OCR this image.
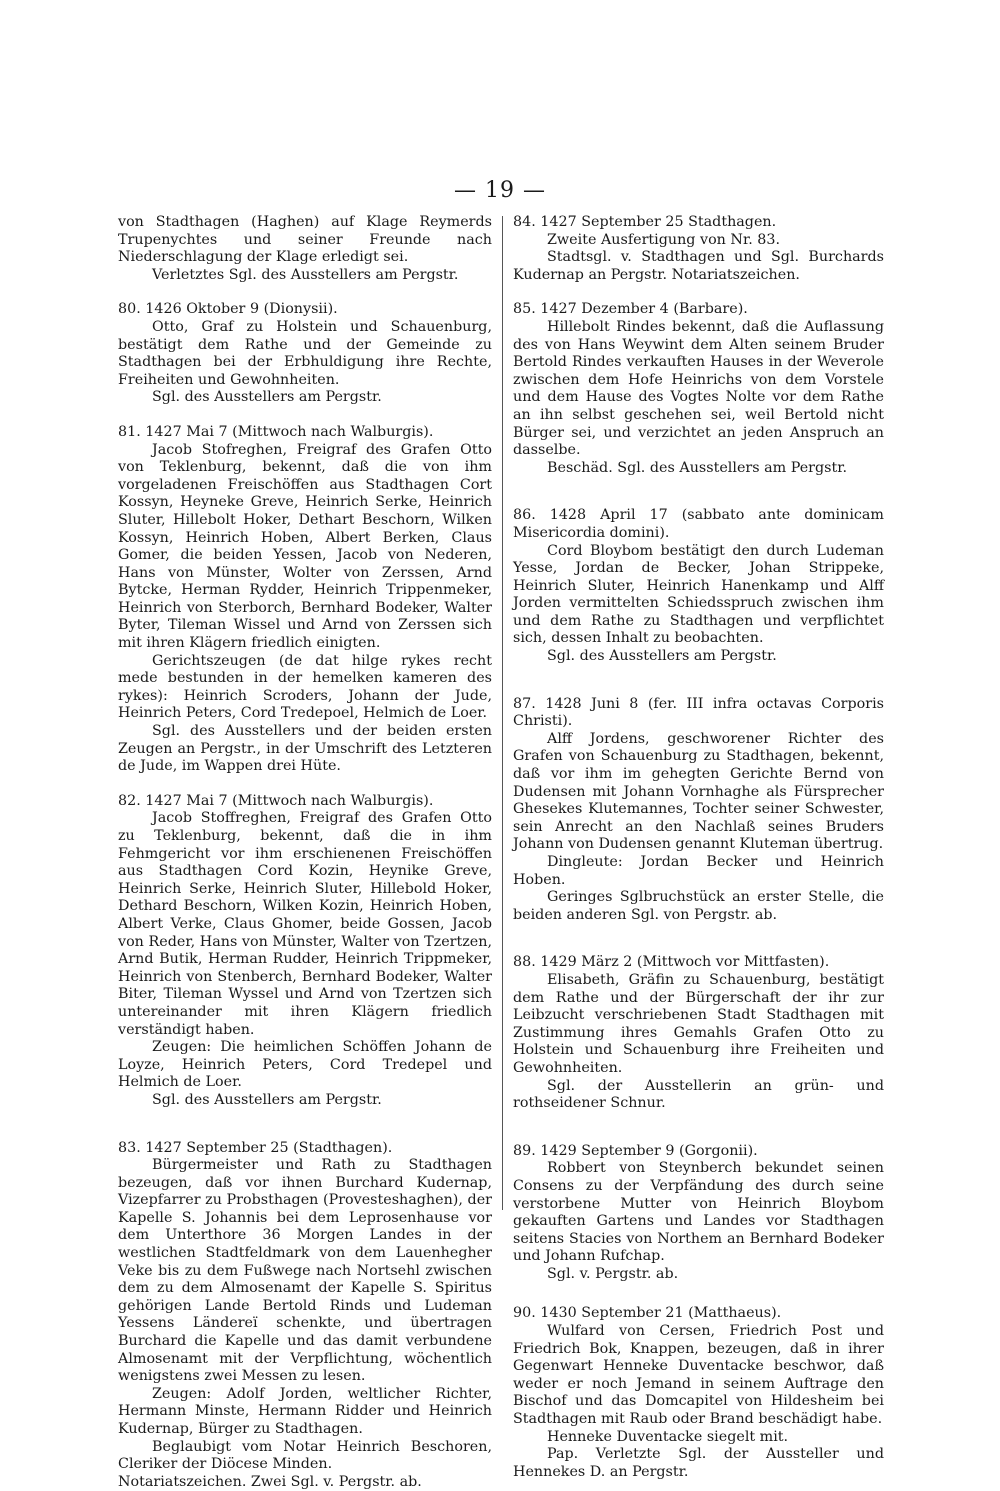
— 19 —

von Stadthagen (Haghen) auf Klage Reymerds Trupenychtes und seiner Freunde nach Niederschlagung der Klage erledigt sei.

Verletztes Sgl. des Ausstellers am Pergstr.

80. 1426 Oktober 9 (Dionysii).

Otto, Graf zu Holstein und Schauenburg, bestätigt dem Rathe und der Gemeinde zu Stadthagen bei der Erbhuldigung ihre Rechte, Freiheiten und Gewohnheiten.

Sgl. des Ausstellers am Pergstr.

81. 1427 Mai 7 (Mittwoch nach Walburgis).

Jacob Stofreghen, Freigraf des Grafen Otto von Teklenburg, bekennt, daß die von ihm vorgeladenen Freischöffen aus Stadthagen Cort Kossyn, Heyneke Greve, Heinrich Serke, Heinrich Sluter, Hillebolt Hoker, Dethart Beschorn, Wilken Kossyn, Heinrich Hoben, Albert Berken, Claus Gomer, die beiden Yessen, Jacob von Nederen, Hans von Münster, Wolter von Zerssen, Arnd Bytcke, Herman Rydder, Heinrich Trippenmeker, Heinrich von Sterborch, Bernhard Bodeker, Walter Byter, Tileman Wissel und Arnd von Zerssen sich mit ihren Klägern friedlich einigten.

Gerichtszeugen (de dat hilge rykes recht mede bestunden in der hemelken kameren des rykes): Heinrich Scroders, Johann der Jude, Heinrich Peters, Cord Tredepoel, Helmich de Loer.

Sgl. des Ausstellers und der beiden ersten Zeugen an Pergstr., in der Umschrift des Letzteren de Jude, im Wappen drei Hüte.

82. 1427 Mai 7 (Mittwoch nach Walburgis).

Jacob Stoffreghen, Freigraf des Grafen Otto zu Teklenburg, bekennt, daß die in ihm Fehmgericht vor ihm erschienenen Freischöffen aus Stadthagen Cord Kozin, Heynike Greve, Heinrich Serke, Heinrich Sluter, Hillebold Hoker, Dethard Beschorn, Wilken Kozin, Heinrich Hoben, Albert Verke, Claus Ghomer, beide Gossen, Jacob von Reder, Hans von Münster, Walter von Tzertzen, Arnd Butik, Herman Rudder, Heinrich Trippmeker, Heinrich von Stenberch, Bernhard Bodeker, Walter Biter, Tileman Wyssel und Arnd von Tzertzen sich untereinander mit ihren Klägern friedlich verständigt haben.

Zeugen: Die heimlichen Schöffen Johann de Loyze, Heinrich Peters, Cord Tredepel und Helmich de Loer.

Sgl. des Ausstellers am Pergstr.

83. 1427 September 25 (Stadthagen).

Bürgermeister und Rath zu Stadthagen bezeugen, daß vor ihnen Burchard Kudernap, Vizepfarrer zu Probsthagen (Provesteshaghen), der Kapelle S. Johannis bei dem Leprosenhause vor dem Unterthore 36 Morgen Landes in der westlichen Stadtfeldmark von dem Lauenhegher Veke bis zu dem Fußwege nach Nortsehl zwischen dem zu dem Almosenamt der Kapelle S. Spiritus gehörigen Lande Bertold Rinds und Ludeman Yessens Ländereï schenkte, und übertragen Burchard die Kapelle und das damit verbundene Almosenamt mit der Verpflichtung, wöchentlich wenigstens zwei Messen zu lesen.

Zeugen: Adolf Jorden, weltlicher Richter, Hermann Minste, Hermann Ridder und Heinrich Kudernap, Bürger zu Stadthagen.

Beglaubigt vom Notar Heinrich Beschoren, Cleriker der Diöcese Minden.

Notariatszeichen. Zwei Sgl. v. Pergstr. ab.

84. 1427 September 25 Stadthagen.

Zweite Ausfertigung von Nr. 83.

Stadtsgl. v. Stadthagen und Sgl. Burchards Kudernap an Pergstr. Notariatszeichen.

85. 1427 Dezember 4 (Barbare).

Hillebolt Rindes bekennt, daß die Auflassung des von Hans Weywint dem Alten seinem Bruder Bertold Rindes verkauften Hauses in der Weverole zwischen dem Hofe Heinrichs von dem Vorstele und dem Hause des Vogtes Nolte vor dem Rathe an ihn selbst geschehen sei, weil Bertold nicht Bürger sei, und verzichtet an jeden Anspruch an dasselbe.

Beschäd. Sgl. des Ausstellers am Pergstr.

86. 1428 April 17 (sabbato ante dominicam Misericordia domini).

Cord Bloybom bestätigt den durch Ludeman Yesse, Jordan de Becker, Johan Strippeke, Heinrich Sluter, Heinrich Hanenkamp und Alff Jorden vermittelten Schiedsspruch zwischen ihm und dem Rathe zu Stadthagen und verpflichtet sich, dessen Inhalt zu beobachten.

Sgl. des Ausstellers am Pergstr.

87. 1428 Juni 8 (fer. III infra octavas Corporis Christi).

Alff Jordens, geschworener Richter des Grafen von Schauenburg zu Stadthagen, bekennt, daß vor ihm im gehegten Gerichte Bernd von Dudensen mit Johann Vornhaghe als Fürsprecher Ghesekes Klutemannes, Tochter seiner Schwester, sein Anrecht an den Nachlaß seines Bruders Johann von Dudensen genannt Kluteman übertrug.

Dingleute: Jordan Becker und Heinrich Hoben.

Geringes Sglbruchstück an erster Stelle, die beiden anderen Sgl. von Pergstr. ab.

88. 1429 März 2 (Mittwoch vor Mittfasten).

Elisabeth, Gräfin zu Schauenburg, bestätigt dem Rathe und der Bürgerschaft der ihr zur Leibzucht verschriebenen Stadt Stadthagen mit Zustimmung ihres Gemahls Grafen Otto zu Holstein und Schauenburg ihre Freiheiten und Gewohnheiten.

Sgl. der Ausstellerin an grün- und rothseidener Schnur.

89. 1429 September 9 (Gorgonii).

Robbert von Steynberch bekundet seinen Consens zu der Verpfändung des durch seine verstorbene Mutter von Heinrich Bloybom gekauften Gartens und Landes vor Stadthagen seitens Stacies von Northem an Bernhard Bodeker und Johann Rufchap.

Sgl. v. Pergstr. ab.

90. 1430 September 21 (Matthaeus).

Wulfard von Cersen, Friedrich Post und Friedrich Bok, Knappen, bezeugen, daß in ihrer Gegenwart Henneke Duventacke beschwor, daß weder er noch Jemand in seinem Auftrage den Bischof und das Domcapitel von Hildesheim bei Stadthagen mit Raub oder Brand beschädigt habe.

Henneke Duventacke siegelt mit.

Pap. Verletzte Sgl. der Aussteller und Hennekes D. an Pergstr.
